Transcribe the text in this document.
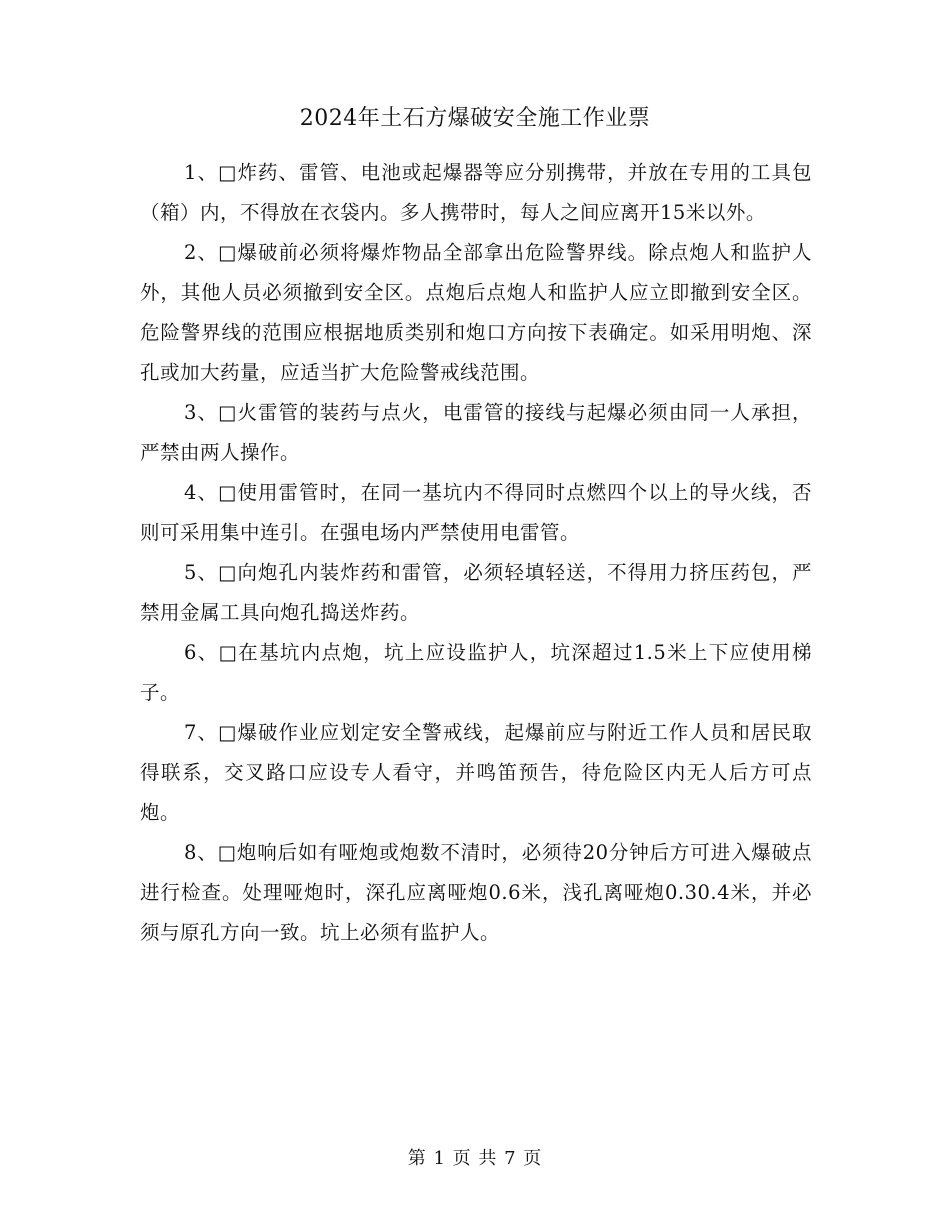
2024年土石方爆破安全施工作业票

1、□炸药、雷管、电池或起爆器等应分别携带，并放在专用的工具包（箱）内，不得放在衣袋内。多人携带时，每人之间应离开15米以外。

2、□爆破前必须将爆炸物品全部拿出危险警界线。除点炮人和监护人外，其他人员必须撤到安全区。点炮后点炮人和监护人应立即撤到安全区。危险警界线的范围应根据地质类别和炮口方向按下表确定。如采用明炮、深孔或加大药量，应适当扩大危险警戒线范围。

3、□火雷管的装药与点火，电雷管的接线与起爆必须由同一人承担，严禁由两人操作。

4、□使用雷管时，在同一基坑内不得同时点燃四个以上的导火线，否则可采用集中连引。在强电场内严禁使用电雷管。

5、□向炮孔内装炸药和雷管，必须轻填轻送，不得用力挤压药包，严禁用金属工具向炮孔捣送炸药。

6、□在基坑内点炮，坑上应设监护人，坑深超过1.5米上下应使用梯子。

7、□爆破作业应划定安全警戒线，起爆前应与附近工作人员和居民取得联系，交叉路口应设专人看守，并鸣笛预告，待危险区内无人后方可点炮。

8、□炮响后如有哑炮或炮数不清时，必须待20分钟后方可进入爆破点进行检查。处理哑炮时，深孔应离哑炮0.6米，浅孔离哑炮0.30.4米，并必须与原孔方向一致。坑上必须有监护人。

第 1 页 共 7 页
